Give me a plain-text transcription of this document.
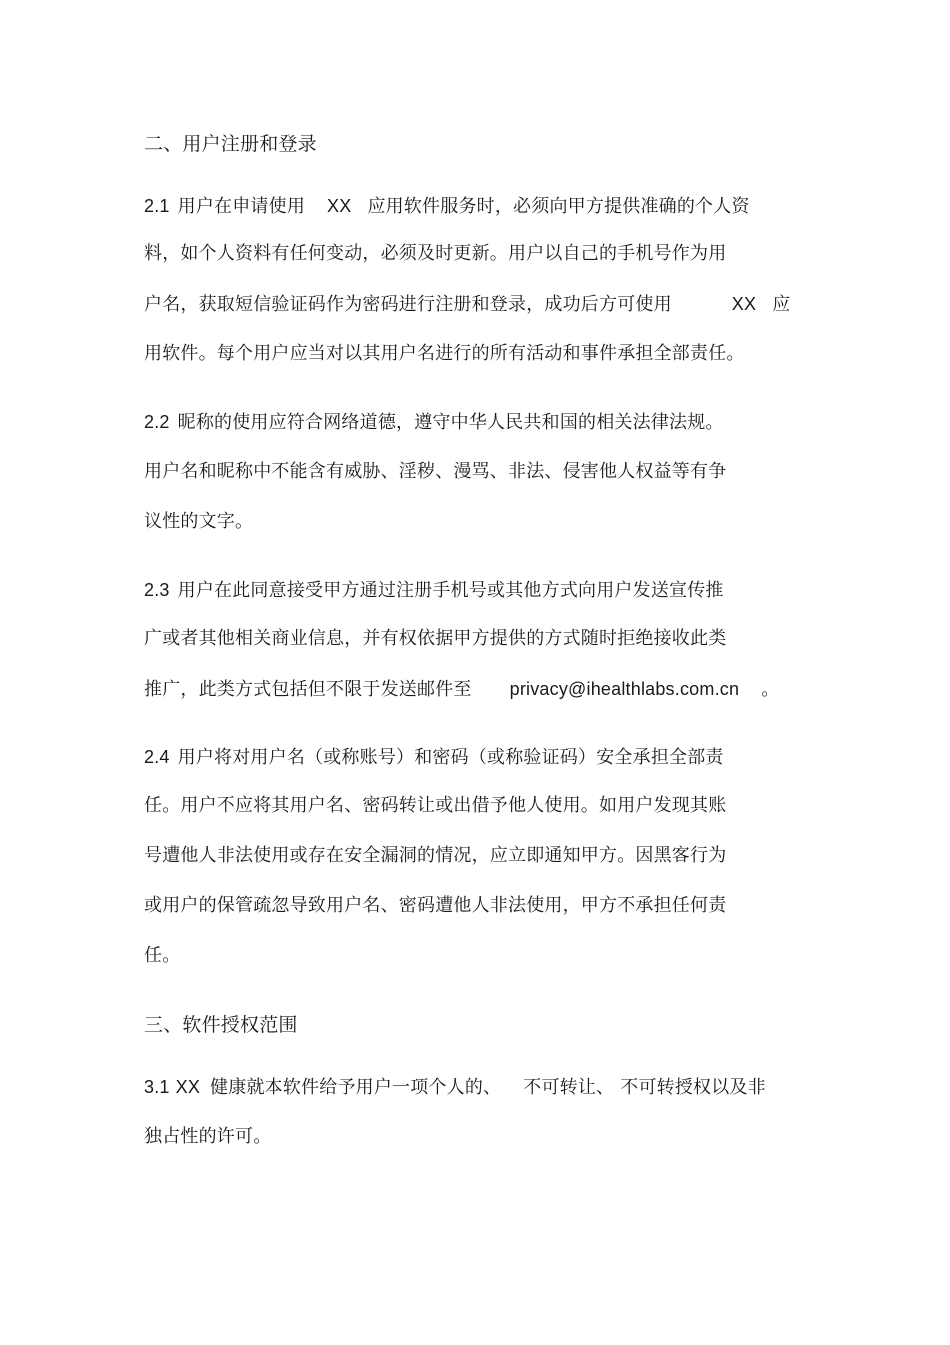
二、用户注册和登录
2.1 用户在申请使用 XX 应用软件服务时，必须向甲方提供准确的个人资
料，如个人资料有任何变动，必须及时更新。用户以自己的手机号作为用
户名，获取短信验证码作为密码进行注册和登录，成功后方可使用	XX 应
用软件。每个用户应当对以其用户名进行的所有活动和事件承担全部责任。
2.2 昵称的使用应符合网络道德，遵守中华人民共和国的相关法律法规。
用户名和昵称中不能含有威胁、淫秽、漫骂、非法、侵害他人权益等有争
议性的文字。
2.3 用户在此同意接受甲方通过注册手机号或其他方式向用户发送宣传推
广或者其他相关商业信息，并有权依据甲方提供的方式随时拒绝接收此类
推广，此类方式包括但不限于发送邮件至 privacy@ihealthlabs.com.cn 。
2.4 用户将对用户名（或称账号）和密码（或称验证码）安全承担全部责
任。用户不应将其用户名、密码转让或出借予他人使用。如用户发现其账
号遭他人非法使用或存在安全漏洞的情况，应立即通知甲方。因黑客行为
或用户的保管疏忽导致用户名、密码遭他人非法使用，甲方不承担任何责
任。
三、软件授权范围
3.1 XX 健康就本软件给予用户一项个人的、 不可转让、 不可转授权以及非
独占性的许可。
